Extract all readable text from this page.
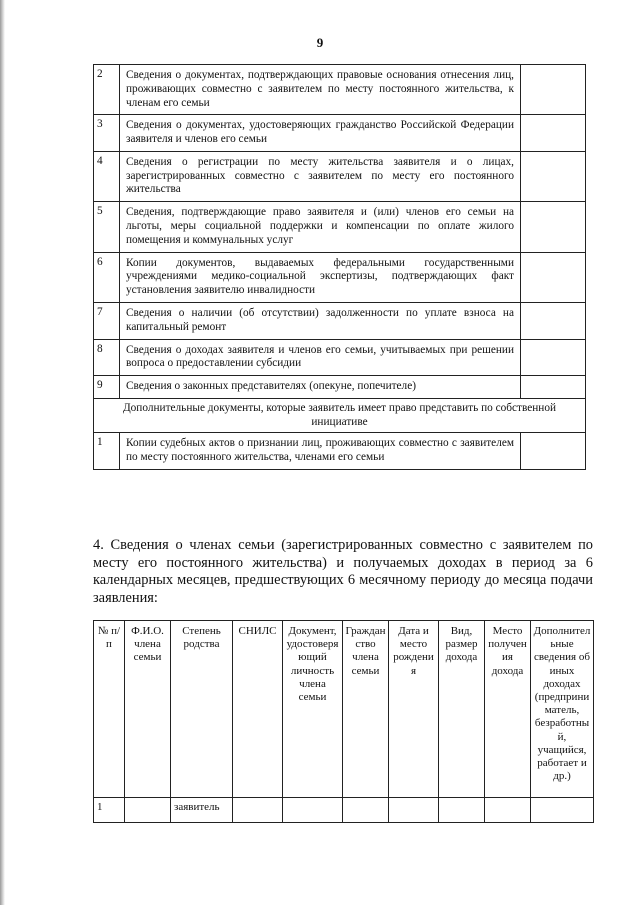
9
2	Сведения о документах, подтверждающих правовые основания отнесения лиц, проживающих совместно с заявителем по месту постоянного жительства, к членам его семьи	
3	Сведения о документах, удостоверяющих гражданство Российской Федерации заявителя и членов его семьи	
4	Сведения о регистрации по месту жительства заявителя и о лицах, зарегистрированных совместно с заявителем по месту его постоянного жительства	
5	Сведения, подтверждающие право заявителя и (или) членов его семьи на льготы, меры социальной поддержки и компенсации по оплате жилого помещения и коммунальных услуг	
6	Копии документов, выдаваемых федеральными государственными учреждениями медико-социальной экспертизы, подтверждающих факт установления заявителю инвалидности	
7	Сведения о наличии (об отсутствии) задолженности по уплате взноса на капитальный ремонт	
8	Сведения о доходах заявителя и членов его семьи, учитываемых при решении вопроса о предоставлении субсидии	
9	Сведения о законных представителях (опекуне, попечителе)	
Дополнительные документы, которые заявитель имеет право представить по собственной инициативе		
1	Копии судебных актов о признании лиц, проживающих совместно с заявителем по месту постоянного жительства, членами его семьи	
4. Сведения о членах семьи (зарегистрированных совместно с заявителем по месту его постоянного жительства) и получаемых доходах в период за 6 календарных месяцев, предшествующих 6 месячному периоду до месяца подачи заявления:
№ п/п	Ф.И.О. члена семьи	Степень родства	СНИЛС	Документ, удостоверяющий личность члена семьи	Гражданство члена семьи	Дата и место рождения	Вид, размер дохода	Место получения дохода	Дополнительные сведения об иных доходах (предприниматель, безработный, учащийся, работает и др.)
1		заявитель							
